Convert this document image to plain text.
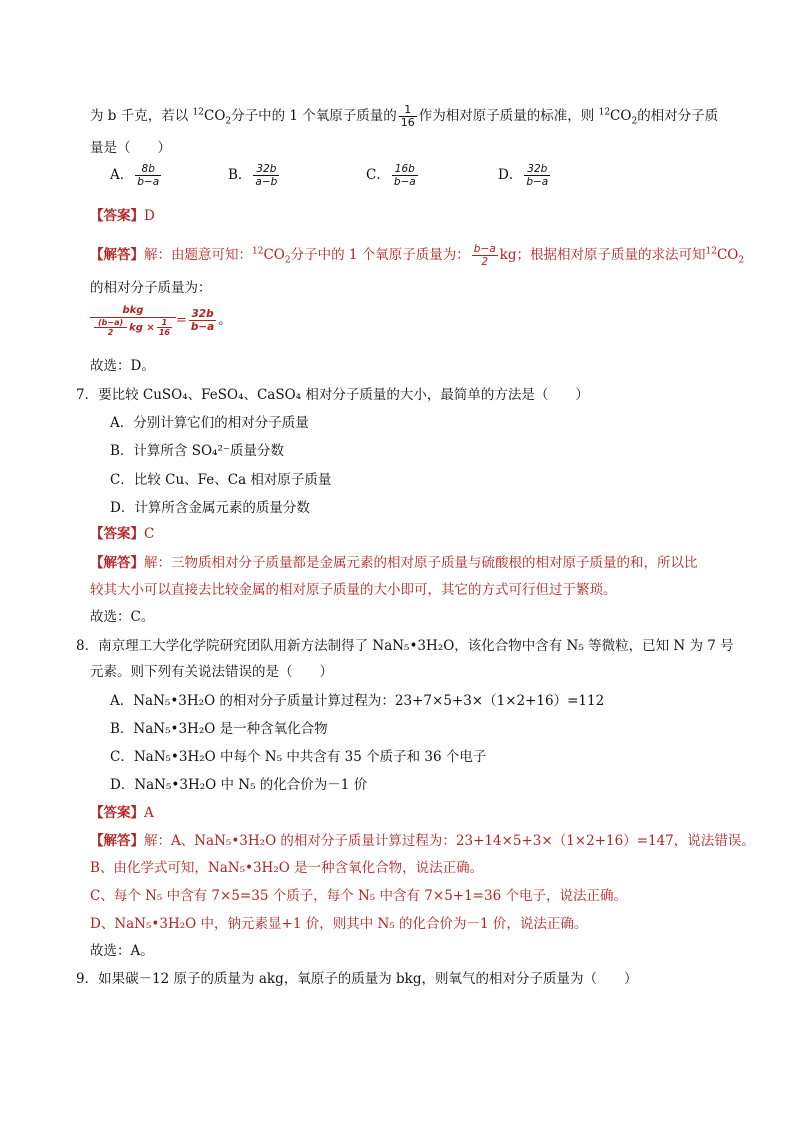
为 b 千克，若以 $^{12}CO_2$分子中的 1 个氧原子质量的 $\frac{1}{16}$ 作为相对原子质量的标准，则 $^{12}CO_2$的相对分子质
量是（　　）
A． $\frac{8b}{b-a}$	B． $\frac{32b}{a-b}$	C． $\frac{16b}{b-a}$	D． $\frac{32b}{b-a}$
【答案】D
【解答】解：由题意可知：$^{12}CO_2$分子中的 1 个氧原子质量为： $\frac{b-a}{2}$ kg；根据相对原子质量的求法可知$^{12}CO_2$
的相对分子质量为：
bkg
$\frac{(b-a)}{2}$ kg × $\frac{1}{16} = \frac{32b}{b-a}$ 。
故选：D。
7．要比较 CuSO₄、FeSO₄、CaSO₄ 相对分子质量的大小，最简单的方法是（　　）
A．分别计算它们的相对分子质量
B．计算所含 SO₄²⁻质量分数
C．比较 Cu、Fe、Ca 相对原子质量
D．计算所含金属元素的质量分数
【答案】C
【解答】解：三物质相对分子质量都是金属元素的相对原子质量与硫酸根的相对原子质量的和，所以比
较其大小可以直接去比较金属的相对原子质量的大小即可，其它的方式可行但过于繁琐。
故选：C。
8．南京理工大学化学院研究团队用新方法制得了 NaN₅•3H₂O，该化合物中含有 N₅ 等微粒，已知 N 为 7 号
元素。则下列有关说法错误的是（　　）
A．NaN₅•3H₂O 的相对分子质量计算过程为：23+7×5+3×（1×2+16）=112
B．NaN₅•3H₂O 是一种含氧化合物
C．NaN₅•3H₂O 中每个 N₅ 中共含有 35 个质子和 36 个电子
D．NaN₅•3H₂O 中 N₅ 的化合价为－1 价
【答案】A
【解答】解：A、NaN₅•3H₂O 的相对分子质量计算过程为：23+14×5+3×（1×2+16）=147，说法错误。
B、由化学式可知，NaN₅•3H₂O 是一种含氧化合物，说法正确。
C、每个 N₅ 中含有 7×5=35 个质子，每个 N₅ 中含有 7×5+1=36 个电子，说法正确。
D、NaN₅•3H₂O 中，钠元素显+1 价，则其中 N₅ 的化合价为－1 价，说法正确。
故选：A。
9．如果碳－12 原子的质量为 akg，氧原子的质量为 bkg，则氧气的相对分子质量为（　　）
